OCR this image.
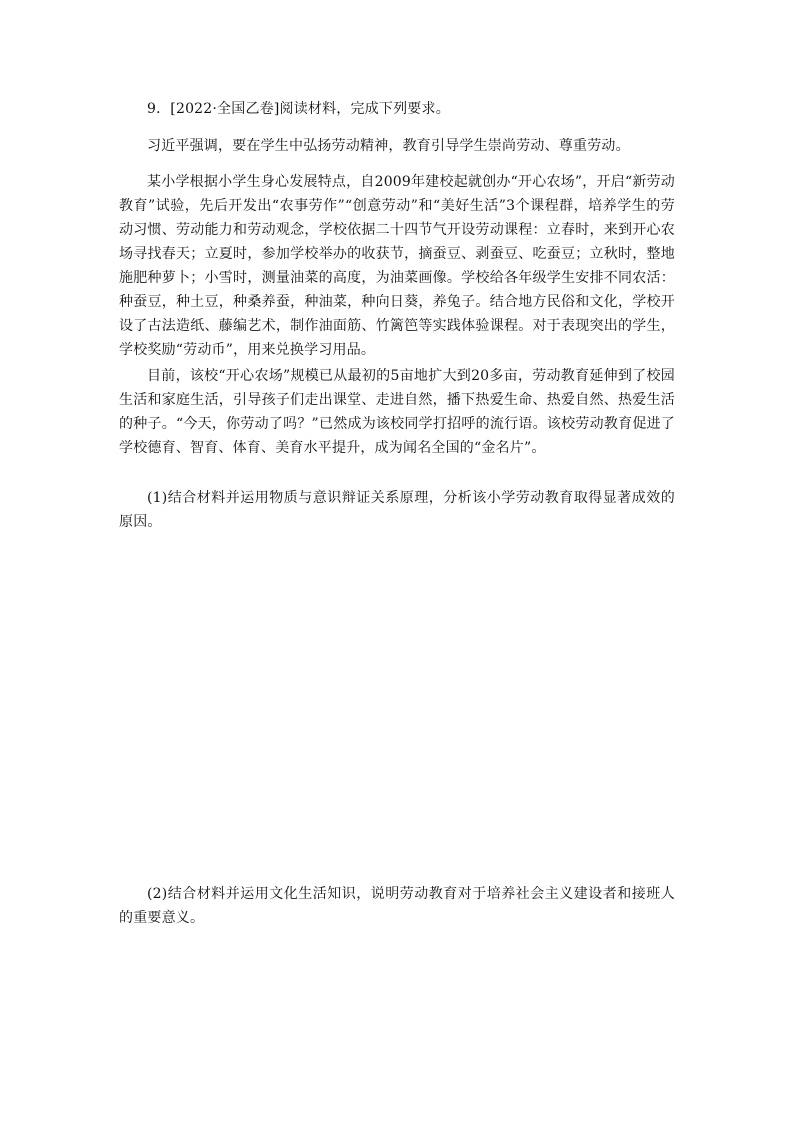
9．[2022·全国乙卷]阅读材料，完成下列要求。

习近平强调，要在学生中弘扬劳动精神，教育引导学生崇尚劳动、尊重劳动。

某小学根据小学生身心发展特点，自2009年建校起就创办“开心农场”，开启“新劳动教育”试验，先后开发出“农事劳作”“创意劳动”和“美好生活”3个课程群，培养学生的劳动习惯、劳动能力和劳动观念，学校依据二十四节气开设劳动课程：立春时，来到开心农场寻找春天；立夏时，参加学校举办的收获节，摘蚕豆、剥蚕豆、吃蚕豆；立秋时，整地施肥种萝卜；小雪时，测量油菜的高度，为油菜画像。学校给各年级学生安排不同农活：种蚕豆，种土豆，种桑养蚕，种油菜，种向日葵，养兔子。结合地方民俗和文化，学校开设了古法造纸、藤编艺术，制作油面筋、竹篱笆等实践体验课程。对于表现突出的学生，学校奖励“劳动币”，用来兑换学习用品。

目前，该校“开心农场”规模已从最初的5亩地扩大到20多亩，劳动教育延伸到了校园生活和家庭生活，引导孩子们走出课堂、走进自然，播下热爱生命、热爱自然、热爱生活的种子。“今天，你劳动了吗？”已然成为该校同学打招呼的流行语。该校劳动教育促进了学校德育、智育、体育、美育水平提升，成为闻名全国的“金名片”。

(1)结合材料并运用物质与意识辩证关系原理，分析该小学劳动教育取得显著成效的原因。

(2)结合材料并运用文化生活知识，说明劳动教育对于培养社会主义建设者和接班人的重要意义。
